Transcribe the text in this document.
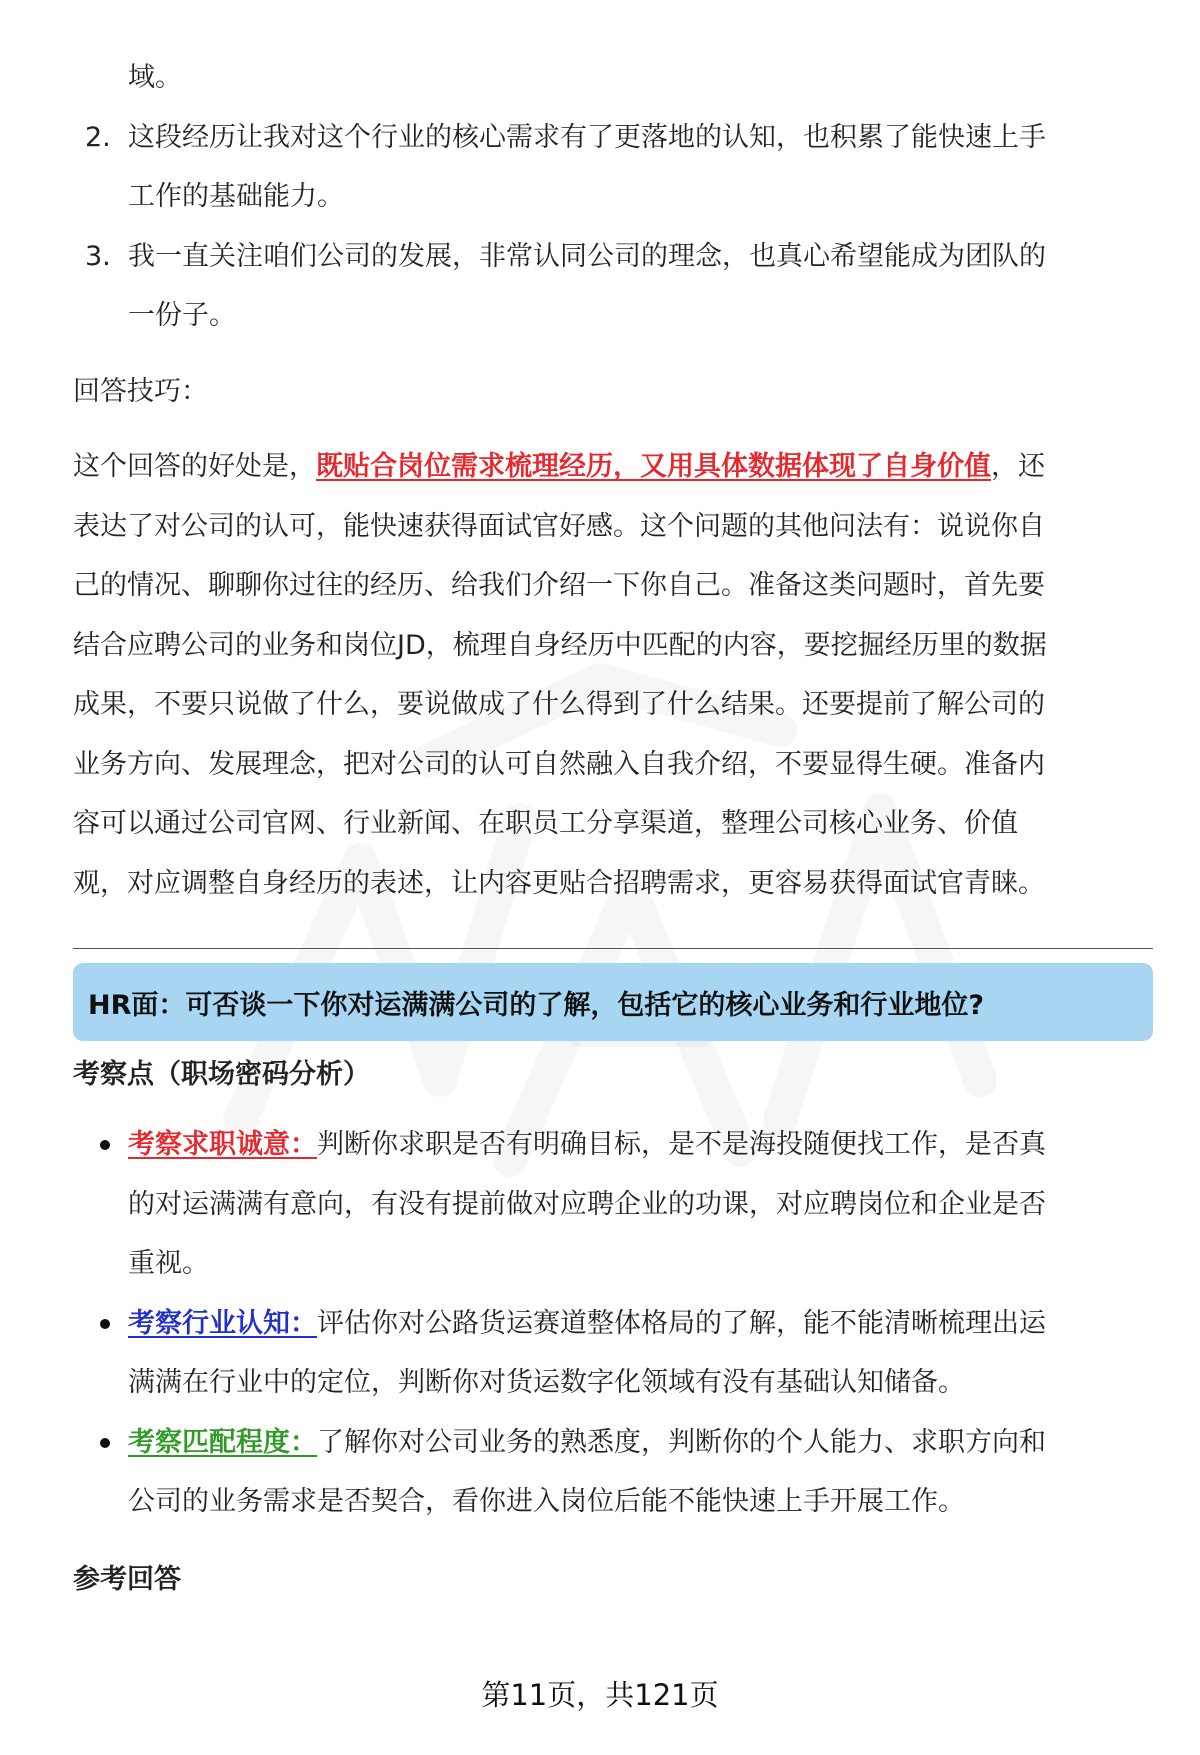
域。
2. 这段经历让我对这个行业的核心需求有了更落地的认知，也积累了能快速上手
工作的基础能力。
3. 我一直关注咱们公司的发展，非常认同公司的理念，也真心希望能成为团队的
一份子。

回答技巧：

这个回答的好处是，既贴合岗位需求梳理经历，又用具体数据体现了自身价值，还
表达了对公司的认可，能快速获得面试官好感。这个问题的其他问法有：说说你自
己的情况、聊聊你过往的经历、给我们介绍一下你自己。准备这类问题时，首先要
结合应聘公司的业务和岗位JD，梳理自身经历中匹配的内容，要挖掘经历里的数据
成果，不要只说做了什么，要说做成了什么得到了什么结果。还要提前了解公司的
业务方向、发展理念，把对公司的认可自然融入自我介绍，不要显得生硬。准备内
容可以通过公司官网、行业新闻、在职员工分享渠道，整理公司核心业务、价值
观，对应调整自身经历的表述，让内容更贴合招聘需求，更容易获得面试官青睐。

HR面：可否谈一下你对运满满公司的了解，包括它的核心业务和行业地位?
考察点（职场密码分析）
考察求职诚意：判断你求职是否有明确目标，是不是海投随便找工作，是否真
的对运满满有意向，有没有提前做对应聘企业的功课，对应聘岗位和企业是否
重视。
考察行业认知：评估你对公路货运赛道整体格局的了解，能不能清晰梳理出运
满满在行业中的定位，判断你对货运数字化领域有没有基础认知储备。
考察匹配程度：了解你对公司业务的熟悉度，判断你的个人能力、求职方向和
公司的业务需求是否契合，看你进入岗位后能不能快速上手开展工作。
参考回答
第11页，共121页
